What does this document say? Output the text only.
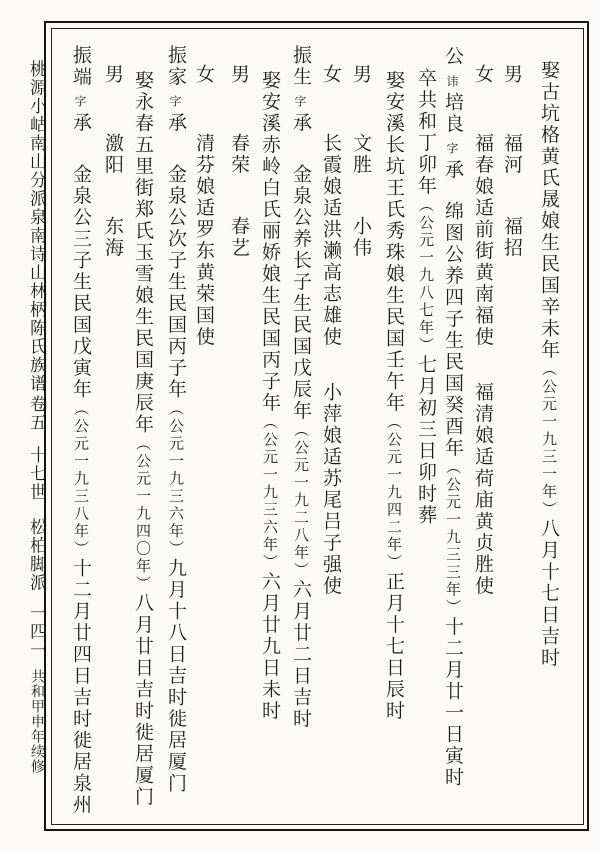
桃源小岵南山分派泉南诗山林柄陈氏族谱卷五十七世松柏脚派一四一共和甲申年续修
娶古坑格黄氏晟娘生民国辛未年（公元一九三一年）八月十七日吉时
男福河福招
女福春娘适前街黄南福使福清娘适荷庙黄贞胜使
公讳培良字承绵图公养四子生民国癸酉年（公元一九三三年）十二月廿一日寅时
卒共和丁卯年（公元一九八七年）七月初三日卯时葬
娶安溪长坑王氏秀珠娘生民国壬午年（公元一九四二年）正月十七日辰时
男文胜小伟
女长霞娘适洪濑高志雄使小萍娘适苏尾吕子强使
振生字承金泉公养长子生民国戊辰年（公元一九二八年）六月廿二日吉时
娶安溪赤岭白氏丽娇娘生民国丙子年（公元一九三六年）六月廿九日未时
男春荣春艺
女清芬娘适罗东黄荣国使
振家字承金泉公次子生民国丙子年（公元一九三六年）九月十八日吉时徙居厦门
娶永春五里街郑氏玉雪娘生民国庚辰年（公元一九四〇年）八月廿日吉时徙居厦门
男激阳东海
振端字承金泉公三子生民国戊寅年（公元一九三八年）十二月廿四日吉时徙居泉州
